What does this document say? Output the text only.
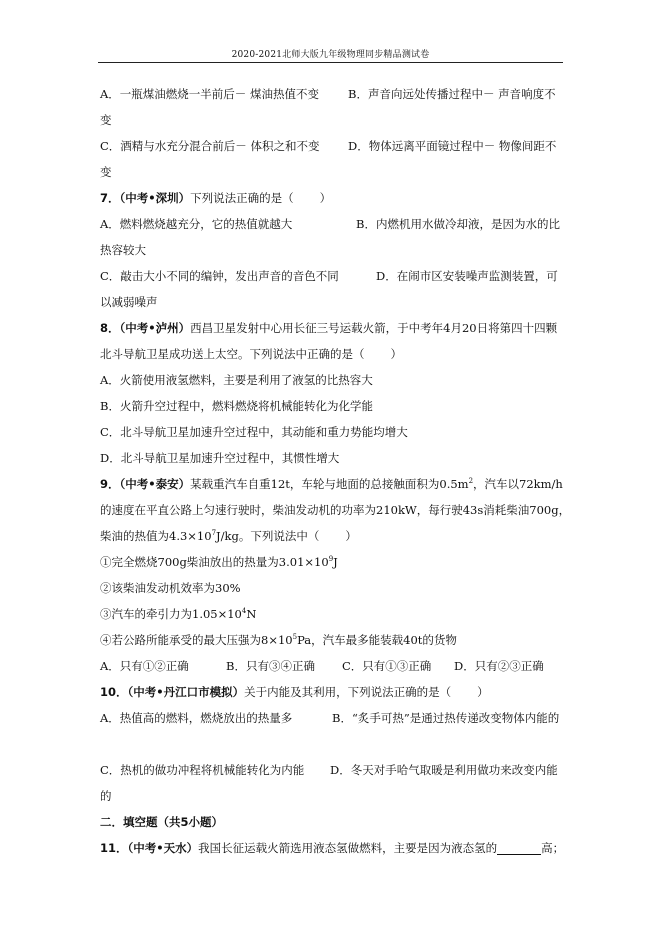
2020-2021北师大版九年级物理同步精品测试卷
A．一瓶煤油燃烧一半前后－ 煤油热值不变	B．声音向远处传播过程中－ 声音响度不
变
C．酒精与水充分混合前后－ 体积之和不变 D．物体远离平面镜过程中－ 物像间距不
变
7．（中考•深圳）下列说法正确的是（ ）
A．燃料燃烧越充分，它的热值就越大	B．内燃机用水做冷却液，是因为水的比
热容较大
C．敲击大小不同的编钟，发出声音的音色不同	D．在闹市区安装噪声监测装置，可
以减弱噪声
8．（中考•泸州）西昌卫星发射中心用长征三号运载火箭，于中考年4月20日将第四十四颗
北斗导航卫星成功送上太空。下列说法中正确的是（ ）
A．火箭使用液氢燃料，主要是利用了液氢的比热容大
B．火箭升空过程中，燃料燃烧将机械能转化为化学能
C．北斗导航卫星加速升空过程中，其动能和重力势能均增大
D．北斗导航卫星加速升空过程中，其惯性增大
9．（中考•泰安）某载重汽车自重12t，车轮与地面的总接触面积为$0.5m^2$，汽车以72km/h
的速度在平直公路上匀速行驶时，柴油发动机的功率为210kW，每行驶43s消耗柴油700g，
柴油的热值为$4.3\times 10^7J/kg$。下列说法中（ ）
①完全燃烧700g柴油放出的热量为$3.01\times 10^9J$
②该柴油发动机效率为30%
③汽车的牵引力为$1.05\times 10^4N$
④若公路所能承受的最大压强为$8\times 10^5Pa$，汽车最多能装载40t的货物
A．只有①②正确	B．只有③④正确 C．只有①③正确 D．只有②③正确
10．（中考•丹江口市模拟）关于内能及其利用，下列说法正确的是（ ）
A．热值高的燃料，燃烧放出的热量多	B．“炙手可热”是通过热传递改变物体内能的
C．热机的做功冲程将机械能转化为内能 D．冬天对手哈气取暖是利用做功来改变内能
的
二．填空题（共5小题）
11．（中考•天水）我国长征运载火箭选用液态氢做燃料，主要是因为液态氢的	高；
